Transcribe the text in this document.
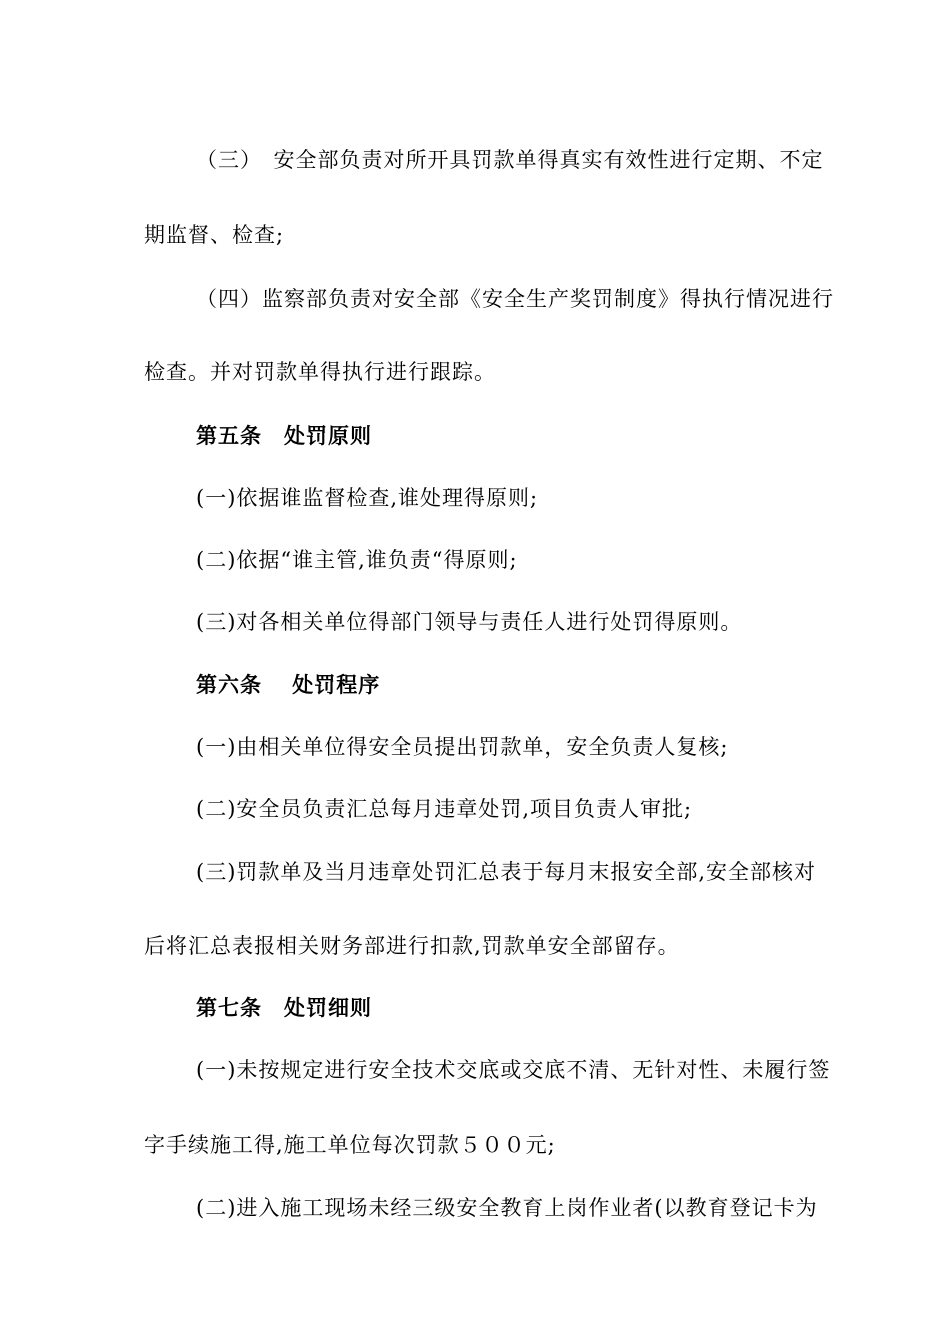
（三）　安全部负责对所开具罚款单得真实有效性进行定期、不定
期监督、检查;
（四）监察部负责对安全部《安全生产奖罚制度》得执行情况进行
检查。并对罚款单得执行进行跟踪。
第五条　处罚原则
(一)依据谁监督检查,谁处理得原则;
(二)依据“谁主管,谁负责“得原则;
(三)对各相关单位得部门领导与责任人进行处罚得原则。
第六条　 处罚程序
(一)由相关单位得安全员提出罚款单，安全负责人复核;
(二)安全员负责汇总每月违章处罚,项目负责人审批;
(三)罚款单及当月违章处罚汇总表于每月末报安全部,安全部核对
后将汇总表报相关财务部进行扣款,罚款单安全部留存。
第七条　处罚细则
(一)未按规定进行安全技术交底或交底不清、无针对性、未履行签
字手续施工得,施工单位每次罚款５００元;
(二)进入施工现场未经三级安全教育上岗作业者(以教育登记卡为
